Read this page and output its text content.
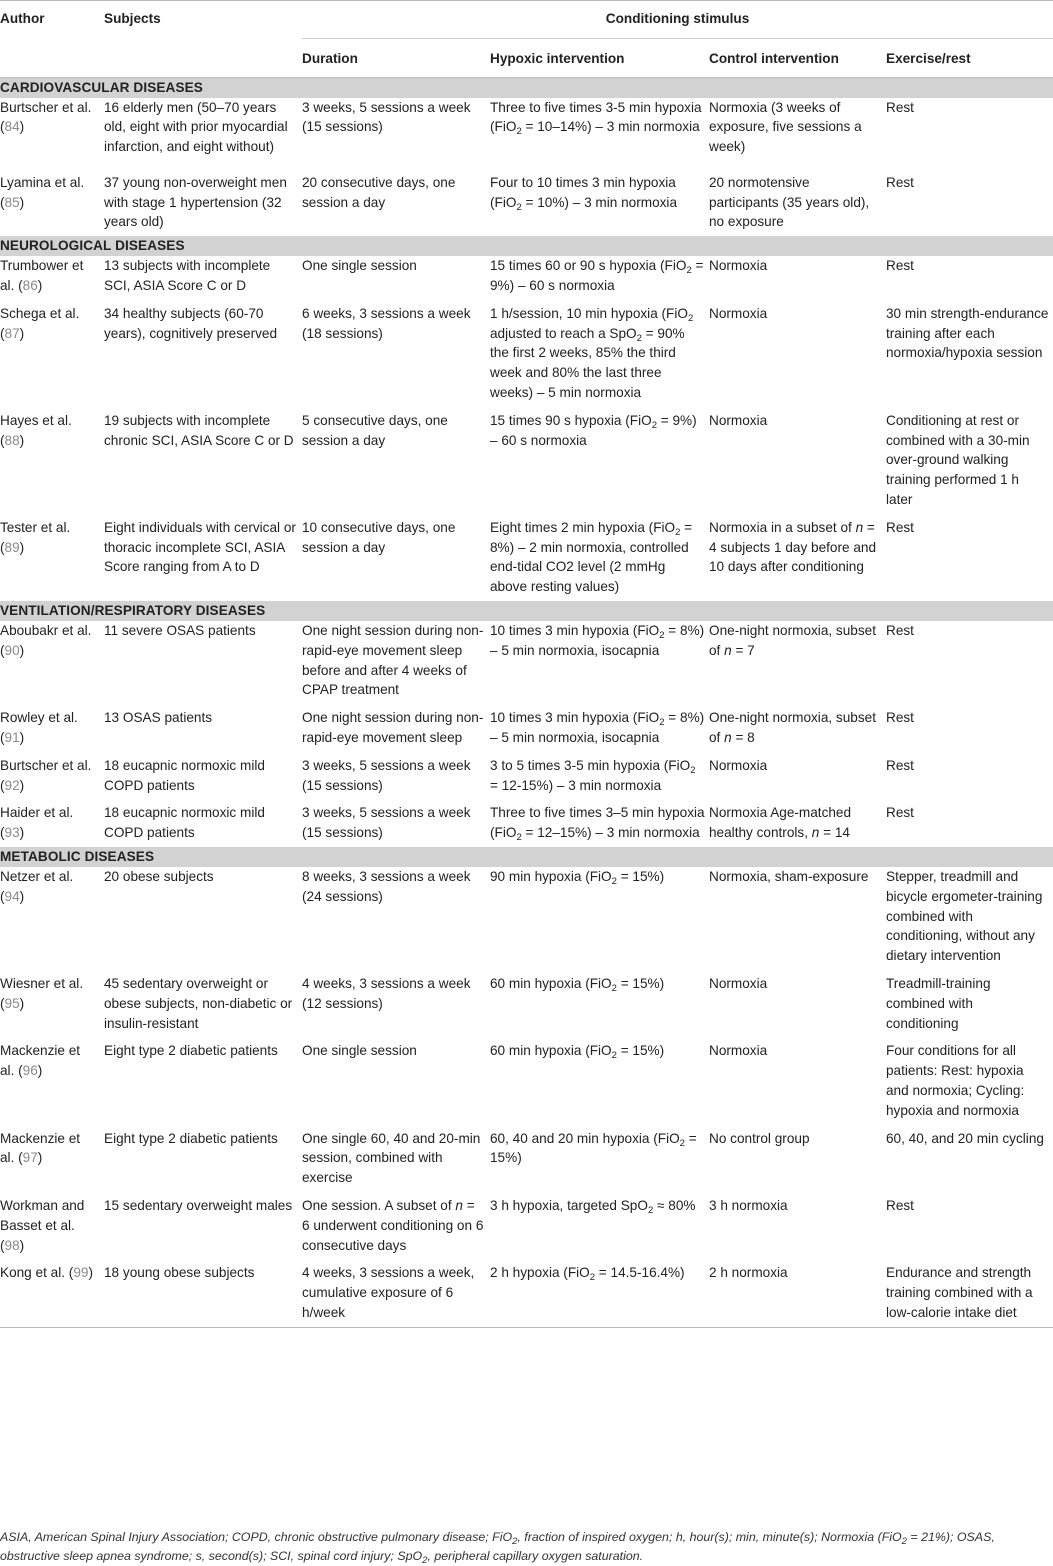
Author	Subjects	Conditioning stimulus			
		Duration	Hypoxic intervention	Control intervention	Exercise/rest
CARDIOVASCULAR DISEASES					
Burtscher et al. (84)	16 elderly men (50–70 years old, eight with prior myocardial infarction, and eight without)	3 weeks, 5 sessions a week (15 sessions)	Three to five times 3-5 min hypoxia (FiO$_2$ = 10–14%) – 3 min normoxia	Normoxia (3 weeks of exposure, five sessions a week)	Rest
Lyamina et al. (85)	37 young non-overweight men with stage 1 hypertension (32 years old)	20 consecutive days, one session a day	Four to 10 times 3 min hypoxia (FiO$_2$ = 10%) – 3 min normoxia	20 normotensive participants (35 years old), no exposure	Rest
NEUROLOGICAL DISEASES					
Trumbower et al. (86)	13 subjects with incomplete SCI, ASIA Score C or D	One single session	15 times 60 or 90 s hypoxia (FiO$_2$ = 9%) – 60 s normoxia	Normoxia	Rest
Schega et al. (87)	34 healthy subjects (60-70 years), cognitively preserved	6 weeks, 3 sessions a week (18 sessions)	1 h/session, 10 min hypoxia (FiO$_2$ adjusted to reach a SpO$_2$ = 90% the first 2 weeks, 85% the third week and 80% the last three weeks) – 5 min normoxia	Normoxia	30 min strength-endurance training after each normoxia/hypoxia session
Hayes et al. (88)	19 subjects with incomplete chronic SCI, ASIA Score C or D	5 consecutive days, one session a day	15 times 90 s hypoxia (FiO$_2$ = 9%) – 60 s normoxia	Normoxia	Conditioning at rest or combined with a 30-min over-ground walking training performed 1 h later
Tester et al. (89)	Eight individuals with cervical or thoracic incomplete SCI, ASIA Score ranging from A to D	10 consecutive days, one session a day	Eight times 2 min hypoxia (FiO$_2$ = 8%) – 2 min normoxia, controlled end-tidal CO2 level (2 mmHg above resting values)	Normoxia in a subset of n = 4 subjects 1 day before and 10 days after conditioning	Rest
VENTILATION/RESPIRATORY DISEASES					
Aboubakr et al. (90)	11 severe OSAS patients	One night session during non-rapid-eye movement sleep before and after 4 weeks of CPAP treatment	10 times 3 min hypoxia (FiO$_2$ = 8%) – 5 min normoxia, isocapnia	One-night normoxia, subset of n = 7	Rest
Rowley et al. (91)	13 OSAS patients	One night session during non-rapid-eye movement sleep	10 times 3 min hypoxia (FiO$_2$ = 8%) – 5 min normoxia, isocapnia	One-night normoxia, subset of n = 8	Rest
Burtscher et al. (92)	18 eucapnic normoxic mild COPD patients	3 weeks, 5 sessions a week (15 sessions)	3 to 5 times 3-5 min hypoxia (FiO$_2$ = 12-15%) – 3 min normoxia	Normoxia	Rest
Haider et al. (93)	18 eucapnic normoxic mild COPD patients	3 weeks, 5 sessions a week (15 sessions)	Three to five times 3–5 min hypoxia (FiO$_2$ = 12–15%) – 3 min normoxia	Normoxia Age-matched healthy controls, n = 14	Rest
METABOLIC DISEASES					
Netzer et al. (94)	20 obese subjects	8 weeks, 3 sessions a week (24 sessions)	90 min hypoxia (FiO$_2$ = 15%)	Normoxia, sham-exposure	Stepper, treadmill and bicycle ergometer-training combined with conditioning, without any dietary intervention
Wiesner et al. (95)	45 sedentary overweight or obese subjects, non-diabetic or insulin-resistant	4 weeks, 3 sessions a week (12 sessions)	60 min hypoxia (FiO$_2$ = 15%)	Normoxia	Treadmill-training combined with conditioning
Mackenzie et al. (96)	Eight type 2 diabetic patients	One single session	60 min hypoxia (FiO$_2$ = 15%)	Normoxia	Four conditions for all patients: Rest: hypoxia and normoxia; Cycling: hypoxia and normoxia
Mackenzie et al. (97)	Eight type 2 diabetic patients	One single 60, 40 and 20-min session, combined with exercise	60, 40 and 20 min hypoxia (FiO$_2$ = 15%)	No control group	60, 40, and 20 min cycling
Workman and Basset et al. (98)	15 sedentary overweight males	One session. A subset of n = 6 underwent conditioning on 6 consecutive days	3 h hypoxia, targeted SpO$_2$ ≈ 80%	3 h normoxia	Rest
Kong et al. (99)	18 young obese subjects	4 weeks, 3 sessions a week, cumulative exposure of 6 h/week	2 h hypoxia (FiO$_2$ = 14.5-16.4%)	2 h normoxia	Endurance and strength training combined with a low-calorie intake diet
ASIA, American Spinal Injury Association; COPD, chronic obstructive pulmonary disease; FiO$_2$, fraction of inspired oxygen; h, hour(s); min, minute(s); Normoxia (FiO$_2$ = 21%); OSAS, obstructive sleep apnea syndrome; s, second(s); SCI, spinal cord injury; SpO$_2$, peripheral capillary oxygen saturation.
